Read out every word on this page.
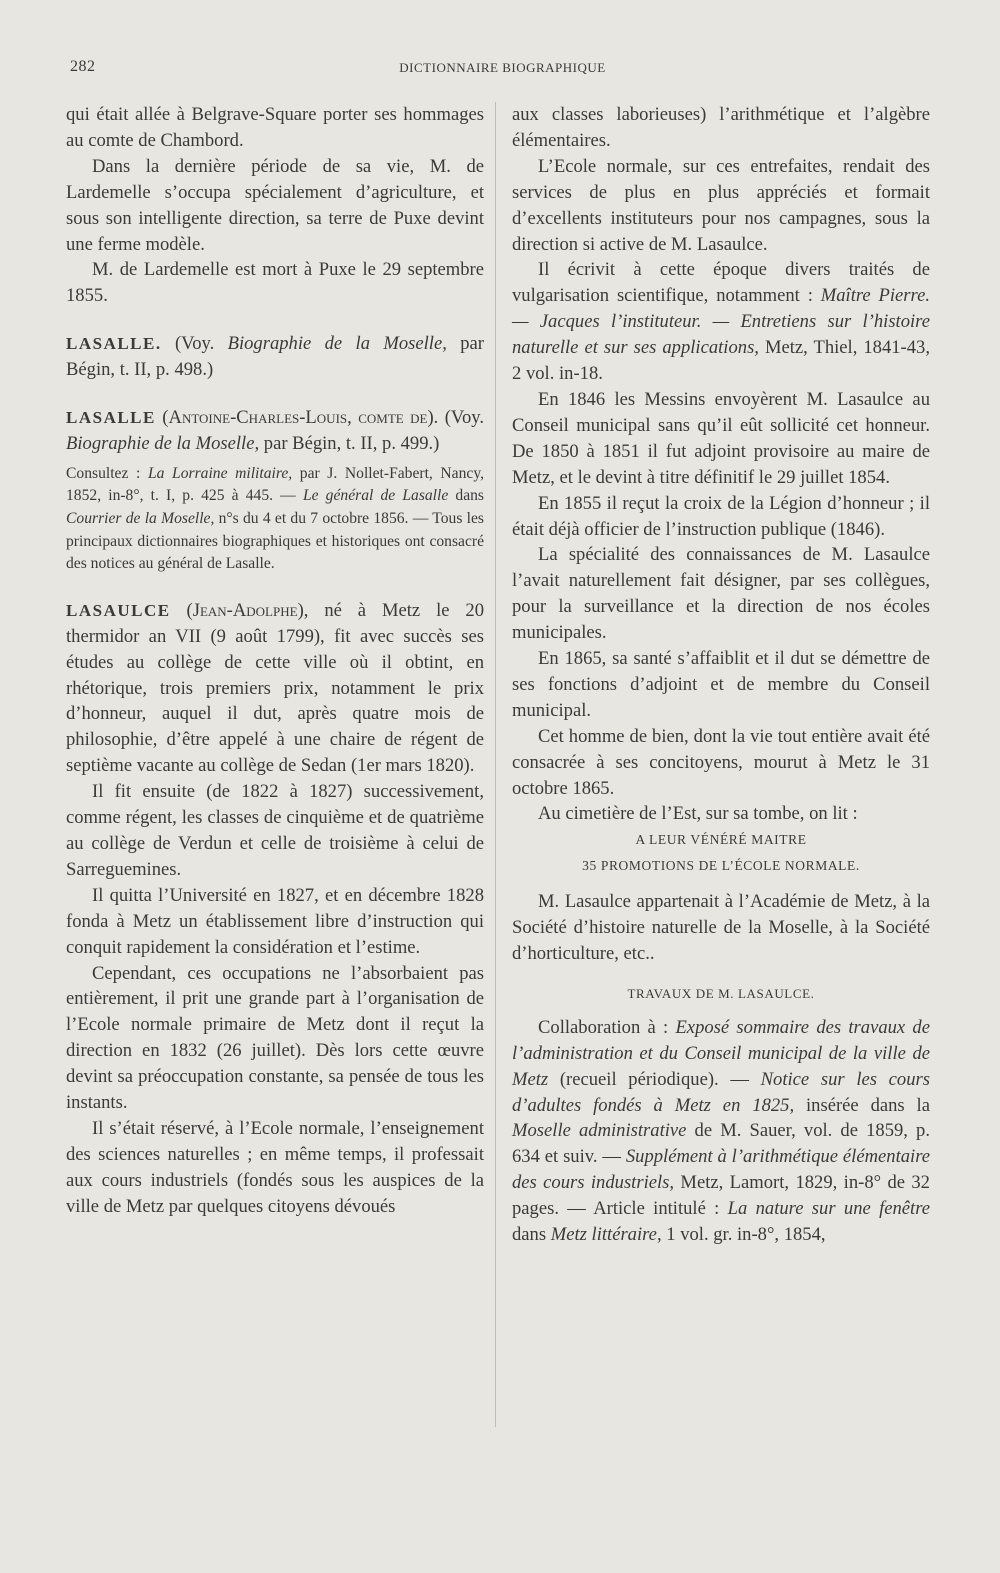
282	DICTIONNAIRE BIOGRAPHIQUE

qui était allée à Belgrave-Square porter ses hommages au comte de Chambord.

Dans la dernière période de sa vie, M. de Lardemelle s’occupa spécialement d’agriculture, et sous son intelligente direction, sa terre de Puxe devint une ferme modèle.

M. de Lardemelle est mort à Puxe le 29 septembre 1855.

LASALLE. (Voy. Biographie de la Moselle, par Bégin, t. II, p. 498.)

LASALLE (Antoine-Charles-Louis, comte de). (Voy. Biographie de la Moselle, par Bégin, t. II, p. 499.)

Consultez : La Lorraine militaire, par J. Nollet-Fabert, Nancy, 1852, in-8°, t. I, p. 425 à 445. — Le général de Lasalle dans Courrier de la Moselle, n°s du 4 et du 7 octobre 1856. — Tous les principaux dictionnaires biographiques et historiques ont consacré des notices au général de Lasalle.

LASAULCE (Jean-Adolphe), né à Metz le 20 thermidor an VII (9 août 1799), fit avec succès ses études au collège de cette ville où il obtint, en rhétorique, trois premiers prix, notamment le prix d’honneur, auquel il dut, après quatre mois de philosophie, d’être appelé à une chaire de régent de septième vacante au collège de Sedan (1er mars 1820).

Il fit ensuite (de 1822 à 1827) successivement, comme régent, les classes de cinquième et de quatrième au collège de Verdun et celle de troisième à celui de Sarreguemines.

Il quitta l’Université en 1827, et en décembre 1828 fonda à Metz un établissement libre d’instruction qui conquit rapidement la considération et l’estime.

Cependant, ces occupations ne l’absorbaient pas entièrement, il prit une grande part à l’organisation de l’Ecole normale primaire de Metz dont il reçut la direction en 1832 (26 juillet). Dès lors cette œuvre devint sa préoccupation constante, sa pensée de tous les instants.

Il s’était réservé, à l’Ecole normale, l’enseignement des sciences naturelles ; en même temps, il professait aux cours industriels (fondés sous les auspices de la ville de Metz par quelques citoyens dévoués

aux classes laborieuses) l’arithmétique et l’algèbre élémentaires.

L’Ecole normale, sur ces entrefaites, rendait des services de plus en plus appréciés et formait d’excellents instituteurs pour nos campagnes, sous la direction si active de M. Lasaulce.

Il écrivit à cette époque divers traités de vulgarisation scientifique, notamment : Maître Pierre. — Jacques l’instituteur. — Entretiens sur l’histoire naturelle et sur ses applications, Metz, Thiel, 1841-43, 2 vol. in-18.

En 1846 les Messins envoyèrent M. Lasaulce au Conseil municipal sans qu’il eût sollicité cet honneur. De 1850 à 1851 il fut adjoint provisoire au maire de Metz, et le devint à titre définitif le 29 juillet 1854.

En 1855 il reçut la croix de la Légion d’honneur ; il était déjà officier de l’instruction publique (1846).

La spécialité des connaissances de M. Lasaulce l’avait naturellement fait désigner, par ses collègues, pour la surveillance et la direction de nos écoles municipales.

En 1865, sa santé s’affaiblit et il dut se démettre de ses fonctions d’adjoint et de membre du Conseil municipal.

Cet homme de bien, dont la vie tout entière avait été consacrée à ses concitoyens, mourut à Metz le 31 octobre 1865.

Au cimetière de l’Est, sur sa tombe, on lit :

A LEUR VÉNÉRÉ MAITRE

35 PROMOTIONS DE L’ÉCOLE NORMALE.

M. Lasaulce appartenait à l’Académie de Metz, à la Société d’histoire naturelle de la Moselle, à la Société d’horticulture, etc..

TRAVAUX DE M. LASAULCE.

Collaboration à : Exposé sommaire des travaux de l’administration et du Conseil municipal de la ville de Metz (recueil périodique). — Notice sur les cours d’adultes fondés à Metz en 1825, insérée dans la Moselle administrative de M. Sauer, vol. de 1859, p. 634 et suiv. — Supplément à l’arithmétique élémentaire des cours industriels, Metz, Lamort, 1829, in-8° de 32 pages. — Article intitulé : La nature sur une fenêtre dans Metz littéraire, 1 vol. gr. in-8°, 1854,
